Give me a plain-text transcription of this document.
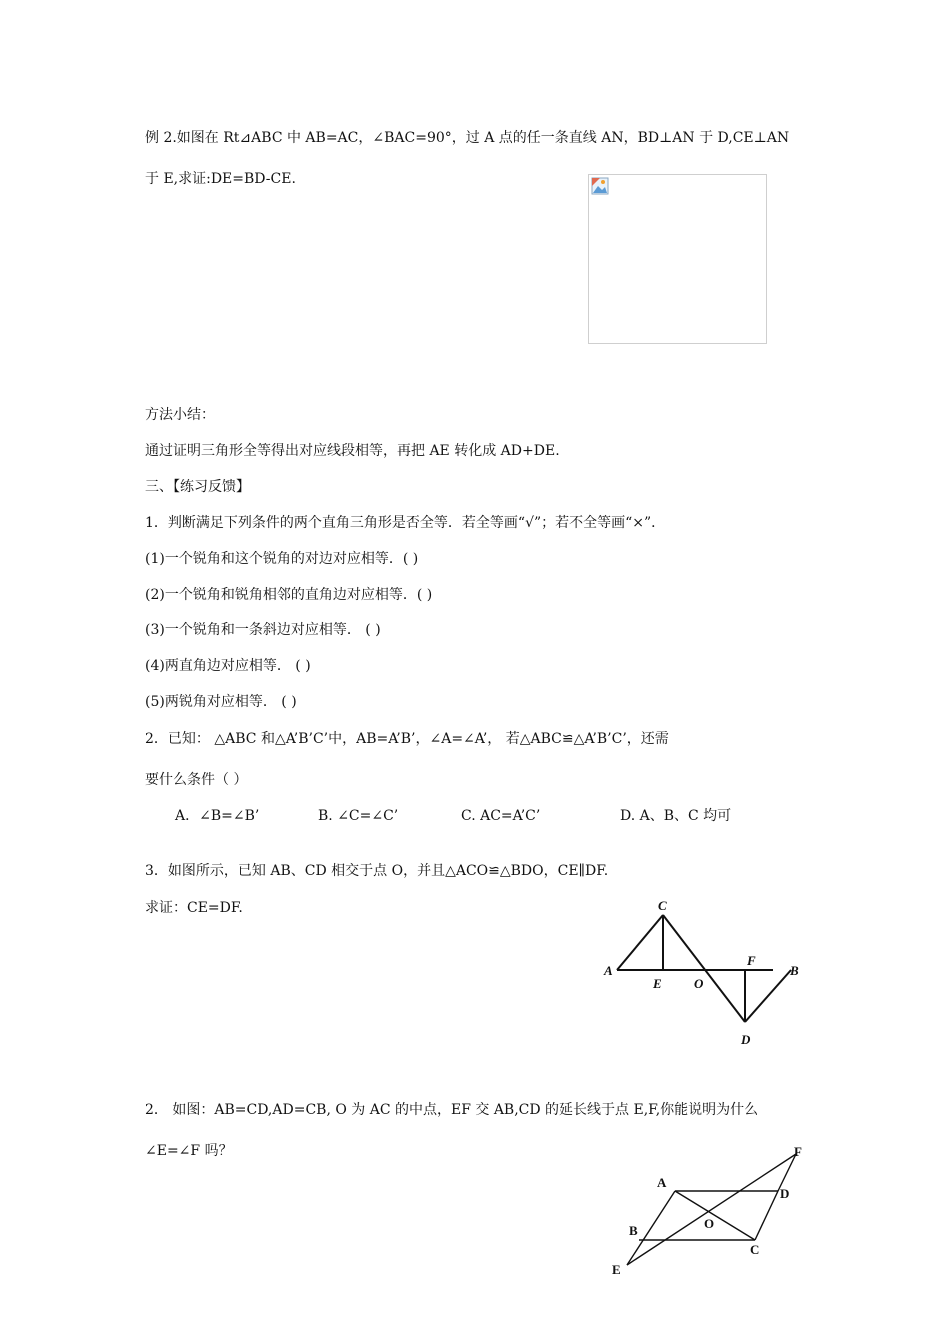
例 2.如图在 Rt⊿ABC 中 AB=AC，∠BAC=90°，过 A 点的任一条直线 AN，BD⊥AN 于 D,CE⊥AN
于 E,求证:DE=BD-CE.
方法小结：
通过证明三角形全等得出对应线段相等，再把 AE 转化成 AD+DE.
三、【练习反馈】
1．判断满足下列条件的两个直角三角形是否全等．若全等画“√”；若不全等画“×”．
(1)一个锐角和这个锐角的对边对应相等．( )
(2)一个锐角和锐角相邻的直角边对应相等．( )
(3)一个锐角和一条斜边对应相等． ( )
(4)两直角边对应相等． ( )
(5)两锐角对应相等． ( )
2．已知： △ABC 和△A’B’C’中，AB=A’B’，∠A=∠A’， 若△ABC≌△A’B’C’，还需
要什么条件（ ）
A．∠B=∠B’	B. ∠C=∠C’	C. AC=A’C’	D. A、B、C 均可
3．如图所示，已知 AB、CD 相交于点 O，并且△ACO≌△BDO，CE∥DF.
求证：CE=DF.	C
A
E O
F
B
D
2． 如图：AB=CD,AD=CB, O 为 AC 的中点，EF 交 AB,CD 的延长线于点 E,F,你能说明为什么
∠E=∠F 吗？
A
B	O
C
D
F
E
